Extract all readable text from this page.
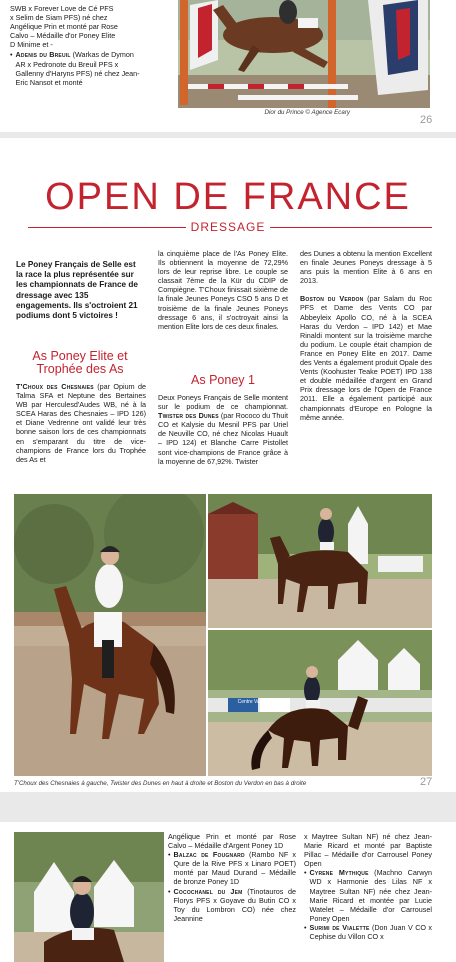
SWB x Forever Love de Cé PFS

x Selim de Siam PFS) né chez

Angélique Prin et monté par Rose

Calvo – Médaille d'or Poney Elite

D Minime et -

• Adenis du Breuil (Warkas de Dymon AR x Pedronote du Breuil PFS x Gallenny d'Haryns PFS) né chez Jean-Eric Nansot et monté
Dior du Prince © Agence Ecary
26
OPEN DE FRANCE
DRESSAGE
Le Poney Français de Selle est la race la plus représentée sur les championnats de France de dressage avec 135 engagements. Ils s'octroient 21 podiums dont 5 victoires !
As Poney Elite et Trophée des As

T'Choux des Chesnaies (par Opium de Talma SFA et Neptune des Bertaines WB par Herculesd'Audes WB, né à la SCEA Haras des Chesnaies – IPD 126) et Diane Vedrenne ont validé leur très bonne saison lors de ces championnats en s'emparant du titre de vice-champions de France lors du Trophée des As et

la cinquième place de l'As Poney Elite. Ils obtiennent la moyenne de 72,29% lors de leur reprise libre. Le couple se classait 7ème de la Kür du CDIP de Compiègne. T'Choux finissait sixième de la finale Jeunes Poneys CSO 5 ans D et troisième de la finale Jeunes Poneys dressage 6 ans, il s'octroyait ainsi la mention Elite lors de ces deux finales.

As Poney 1

Deux Poneys Français de Selle montent sur le podium de ce championnat. Twister des Dunes (par Rococo du Thuit CO et Kalysie du Mesnil PFS par Uriel de Neuville CO, né chez Nicolas Huault – IPD 124) et Blanche Carre Pistollet sont vice-champions de France grâce à la moyenne de 67,92%. Twister

des Dunes a obtenu la mention Excellent en finale Jeunes Poneys dressage à 5 ans puis la mention Elite à 6 ans en 2013.

Boston du Verdon (par Salam du Roc PFS et Dame des Vents CO par Abbeyleix Apollo CO, né à la SCEA Haras du Verdon – IPD 142) et Mae Rinaldi montent sur la troisième marche du podium. Le couple était champion de France en Poney Elite en 2017. Dame des Vents a également produit Opale des Vents (Koohuster Teake POET) IPD 138 et double médaillée d'argent en Grand Prix dressage lors de l'Open de France 2011. Elle a également participé aux championnats d'Europe en Pologne la même année.

Centre Val de Loire
T'Choux des Chesnaies à gauche, Twister des Dunes en haut à droite et Boston du Verdon en bas à droite	27

Angélique Prin et monté par Rose Calvo – Médaille d'Argent Poney 1D

• Balzac de Fougnard (Rambo NF x Qure de la Rive PFS x Linaro POET) monté par Maud Durand – Médaille de bronze Poney 1D
• Cocochanel du Jem (Tinotauros de Florys PFS x Goyave du Butin CO x Toy du Lombron CO) née chez Jeannine

x Maytree Sultan NF) né chez Jean-Marie Ricard et monté par Baptiste Pillac – Médaille d'or Carrousel Poney Open

• Cyrene Mythique (Machno Carwyn WD x Harmonie des Lilas NF x Maytree Sultan NF) née chez Jean-Marie Ricard et montée par Lucie Watelet – Médaille d'or Carrousel Poney Open
• Surimi de Vialette (Don Juan V CO x Cephise du Villon CO x
